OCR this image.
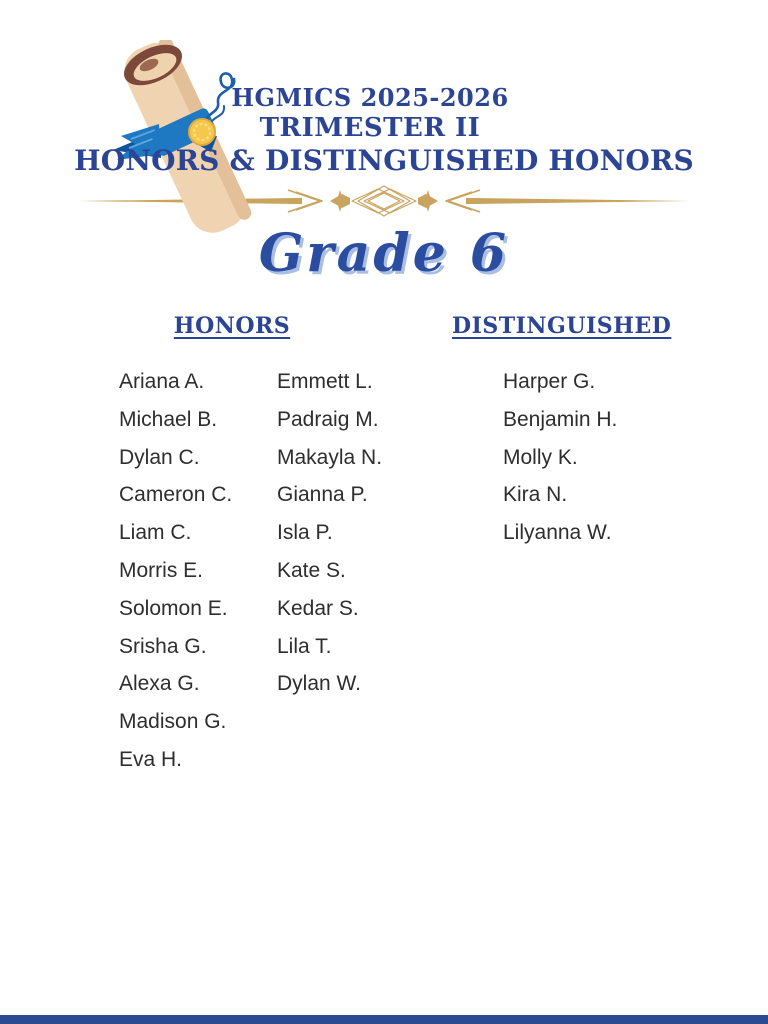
HGMICS 2025-2026
TRIMESTER II
HONORS & DISTINGUISHED HONORS
Grade 6
HONORS	DISTINGUISHED
Ariana A.
Michael B.
Dylan C.
Cameron C.
Liam C.
Morris E.
Solomon E.
Srisha G.
Alexa G.
Madison G.
Eva H.
Emmett L.
Padraig M.
Makayla N.
Gianna P.
Isla P.
Kate S.
Kedar S.
Lila T.
Dylan W.
Harper G.
Benjamin H.
Molly K.
Kira N.
Lilyanna W.
